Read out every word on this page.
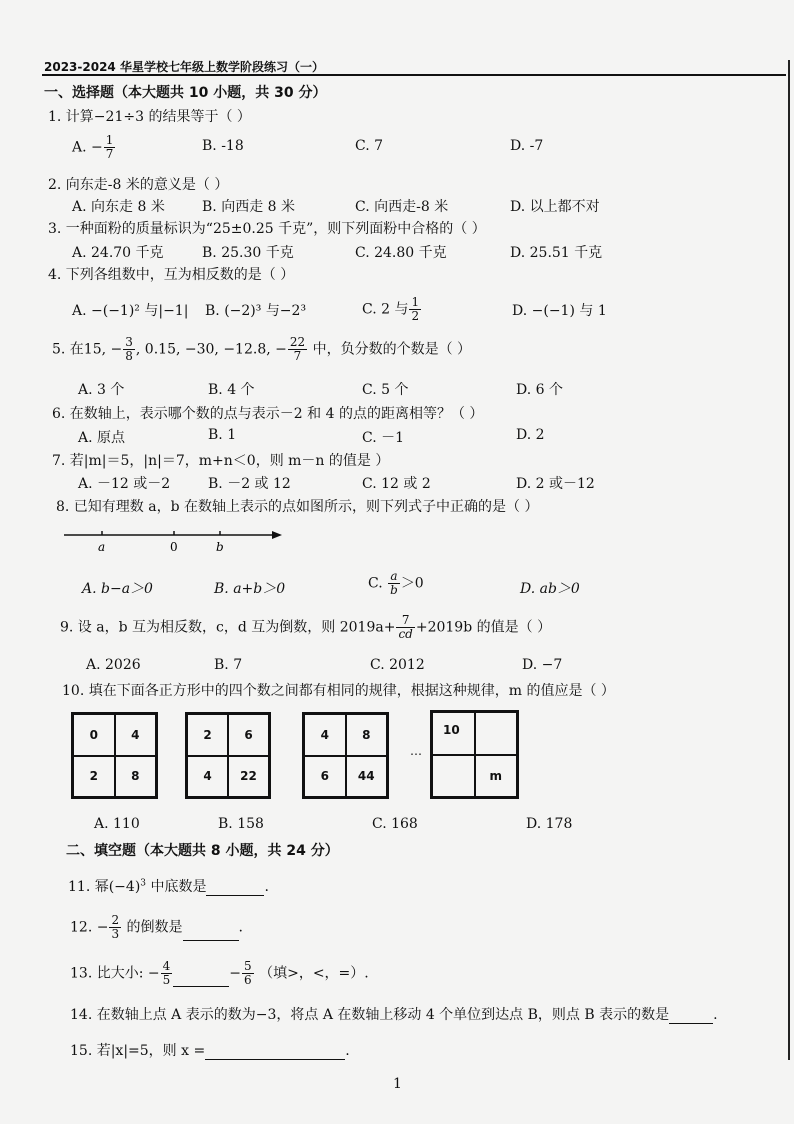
2023-2024 华星学校七年级上数学阶段练习（一）
一、选择题（本大题共 10 小题，共 30 分）
1. 计算−21÷3 的结果等于（ ）
A. − $\frac{1}{7}$	B. -18	C. 7	D. -7
2. 向东走-8 米的意义是（ ）
A. 向东走 8 米	B. 向西走 8 米	C. 向西走-8 米	D. 以上都不对
3. 一种面粉的质量标识为“25±0.25 千克”，则下列面粉中合格的（ ）
A. 24.70 千克	B. 25.30 千克	C. 24.80 千克	D. 25.51 千克
4. 下列各组数中，互为相反数的是（ ）
A. −(−1)² 与|−1| B. (−2)³ 与−2³	C. 2 与 $\frac{1}{2}$	D. −(−1) 与 1
5. 在15, − $\frac{3}{8}$ , 0.15, −30, −12.8, − $\frac{22}{7}$ 中，负分数的个数是（ ）
A. 3 个	B. 4 个	C. 5 个	D. 6 个
6. 在数轴上，表示哪个数的点与表示－2 和 4 的点的距离相等？（ ）
A. 原点	B. 1	C. －1	D. 2
7. 若|m|＝5，|n|＝7，m+n＜0，则 m－n 的值是 ）
A. －12 或－2	B. －2 或 12	C. 12 或 2	D. 2 或－12
8. 已知有理数 a，b 在数轴上表示的点如图所示，则下列式子中正确的是（ ）
a	0	b
A. b−a＞0	B. a+b＞0	C. $\frac{a}{b} >0$	D. ab＞0
9. 设 a，b 互为相反数，c，d 互为倒数，则 $2019a+ \frac{7}{cd} +2019b$ 的值是（ ）
A. 2026	B. 7	C. 2012	D. −7
10. 填在下面各正方形中的四个数之间都有相同的规律，根据这种规律，m 的值应是（ ）
0	4
2	8
2	6
4	22
4	8
6	44
…
10
m
A. 110	B. 158	C. 168	D. 178
二、填空题（本大题共 8 小题，共 24 分）
11. 幂$(-4)^3$ 中底数是	.
12. − $\frac{2}{3}$ 的倒数是	.
13. 比大小: − $\frac{4}{5}$	− $\frac{5}{6}$ （填>，<，=）.
14. 在数轴上点 A 表示的数为−3，将点 A 在数轴上移动 4 个单位到达点 B，则点 B 表示的数是	.
15. 若|x|=5，则 x =	.
1
